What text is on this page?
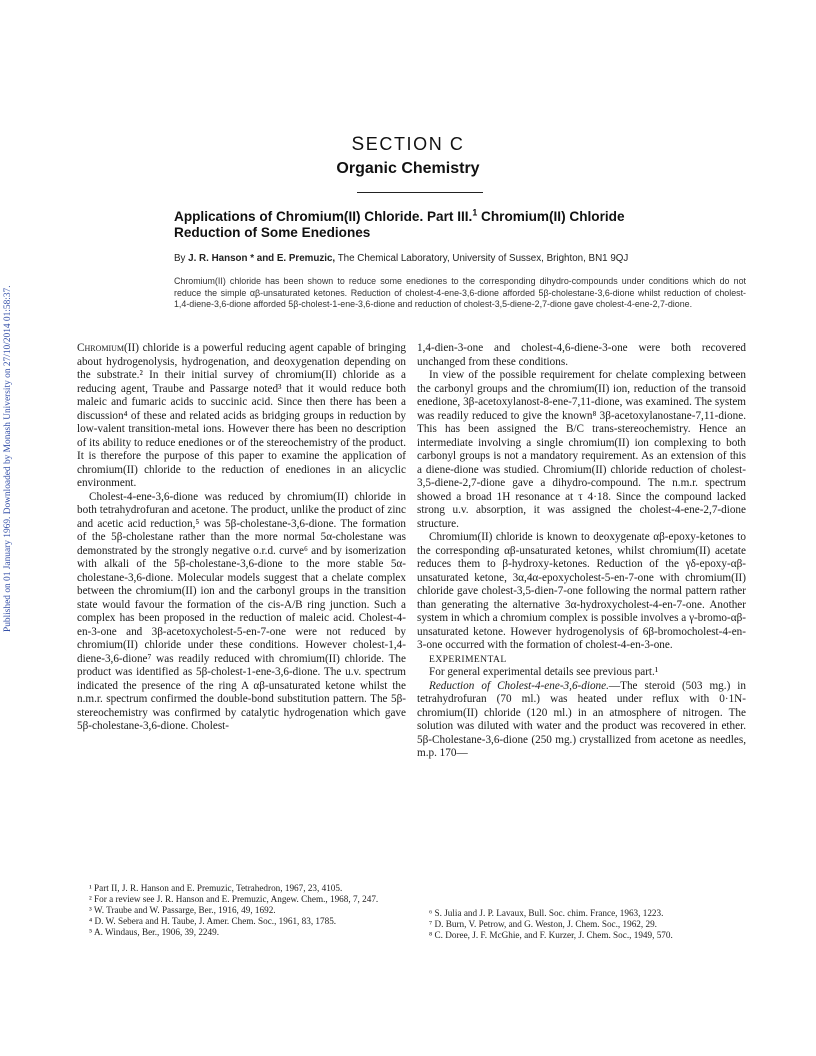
Published on 01 January 1969. Downloaded by Monash University on 27/10/2014 01:58:37.
SECTION C
Organic Chemistry
Applications of Chromium(II) Chloride. Part III.$^1$ Chromium(II) Chloride
Reduction of Some Enediones
By J. R. Hanson * and E. Premuzic, The Chemical Laboratory, University of Sussex, Brighton, BN1 9QJ
Chromium(II) chloride has been shown to reduce some enediones to the corresponding dihydro-compounds under conditions which do not reduce the simple αβ-unsaturated ketones. Reduction of cholest-4-ene-3,6-dione afforded 5β-cholestane-3,6-dione whilst reduction of cholest-1,4-diene-3,6-dione afforded 5β-cholest-1-ene-3,6-dione and reduction of cholest-3,5-diene-2,7-dione gave cholest-4-ene-2,7-dione.

Chromium(II) chloride is a powerful reducing agent capable of bringing about hydrogenolysis, hydrogenation, and deoxygenation depending on the substrate.² In their initial survey of chromium(II) chloride as a reducing agent, Traube and Passarge noted³ that it would reduce both maleic and fumaric acids to succinic acid. Since then there has been a discussion⁴ of these and related acids as bridging groups in reduction by low-valent transition-metal ions. However there has been no description of its ability to reduce enediones or of the stereochemistry of the product. It is therefore the purpose of this paper to examine the application of chromium(II) chloride to the reduction of enediones in an alicyclic environment.

Cholest-4-ene-3,6-dione was reduced by chromium(II) chloride in both tetrahydrofuran and acetone. The product, unlike the product of zinc and acetic acid reduction,⁵ was 5β-cholestane-3,6-dione. The formation of the 5β-cholestane rather than the more normal 5α-cholestane was demonstrated by the strongly negative o.r.d. curve⁶ and by isomerization with alkali of the 5β-cholestane-3,6-dione to the more stable 5α-cholestane-3,6-dione. Molecular models suggest that a chelate complex between the chromium(II) ion and the carbonyl groups in the transition state would favour the formation of the cis-A/B ring junction. Such a complex has been proposed in the reduction of maleic acid. Cholest-4-en-3-one and 3β-acetoxycholest-5-en-7-one were not reduced by chromium(II) chloride under these conditions. However cholest-1,4-diene-3,6-dione⁷ was readily reduced with chromium(II) chloride. The product was identified as 5β-cholest-1-ene-3,6-dione. The u.v. spectrum indicated the presence of the ring A αβ-unsaturated ketone whilst the n.m.r. spectrum confirmed the double-bond substitution pattern. The 5β-stereochemistry was confirmed by catalytic hydrogenation which gave 5β-cholestane-3,6-dione. Cholest-

¹ Part II, J. R. Hanson and E. Premuzic, Tetrahedron, 1967, 23, 4105.

² For a review see J. R. Hanson and E. Premuzic, Angew. Chem., 1968, 7, 247.

³ W. Traube and W. Passarge, Ber., 1916, 49, 1692.

⁴ D. W. Sebera and H. Taube, J. Amer. Chem. Soc., 1961, 83, 1785.

⁵ A. Windaus, Ber., 1906, 39, 2249.

1,4-dien-3-one and cholest-4,6-diene-3-one were both recovered unchanged from these conditions.

In view of the possible requirement for chelate complexing between the carbonyl groups and the chromium(II) ion, reduction of the transoid enedione, 3β-acetoxylanost-8-ene-7,11-dione, was examined. The system was readily reduced to give the known⁸ 3β-acetoxylanostane-7,11-dione. This has been assigned the B/C trans-stereochemistry. Hence an intermediate involving a single chromium(II) ion complexing to both carbonyl groups is not a mandatory requirement. As an extension of this a diene-dione was studied. Chromium(II) chloride reduction of cholest-3,5-diene-2,7-dione gave a dihydro-compound. The n.m.r. spectrum showed a broad 1H resonance at τ 4·18. Since the compound lacked strong u.v. absorption, it was assigned the cholest-4-ene-2,7-dione structure.

Chromium(II) chloride is known to deoxygenate αβ-epoxy-ketones to the corresponding αβ-unsaturated ketones, whilst chromium(II) acetate reduces them to β-hydroxy-ketones. Reduction of the γδ-epoxy-αβ-unsaturated ketone, 3α,4α-epoxycholest-5-en-7-one with chromium(II) chloride gave cholest-3,5-dien-7-one following the normal pattern rather than generating the alternative 3α-hydroxycholest-4-en-7-one. Another system in which a chromium complex is possible involves a γ-bromo-αβ-unsaturated ketone. However hydrogenolysis of 6β-bromocholest-4-en-3-one occurred with the formation of cholest-4-en-3-one.

EXPERIMENTAL

For general experimental details see previous part.¹

Reduction of Cholest-4-ene-3,6-dione.—The steroid (503 mg.) in tetrahydrofuran (70 ml.) was heated under reflux with 0·1N-chromium(II) chloride (120 ml.) in an atmosphere of nitrogen. The solution was diluted with water and the product was recovered in ether. 5β-Cholestane-3,6-dione (250 mg.) crystallized from acetone as needles, m.p. 170—

⁶ S. Julia and J. P. Lavaux, Bull. Soc. chim. France, 1963, 1223.

⁷ D. Burn, V. Petrow, and G. Weston, J. Chem. Soc., 1962, 29.

⁸ C. Doree, J. F. McGhie, and F. Kurzer, J. Chem. Soc., 1949, 570.
